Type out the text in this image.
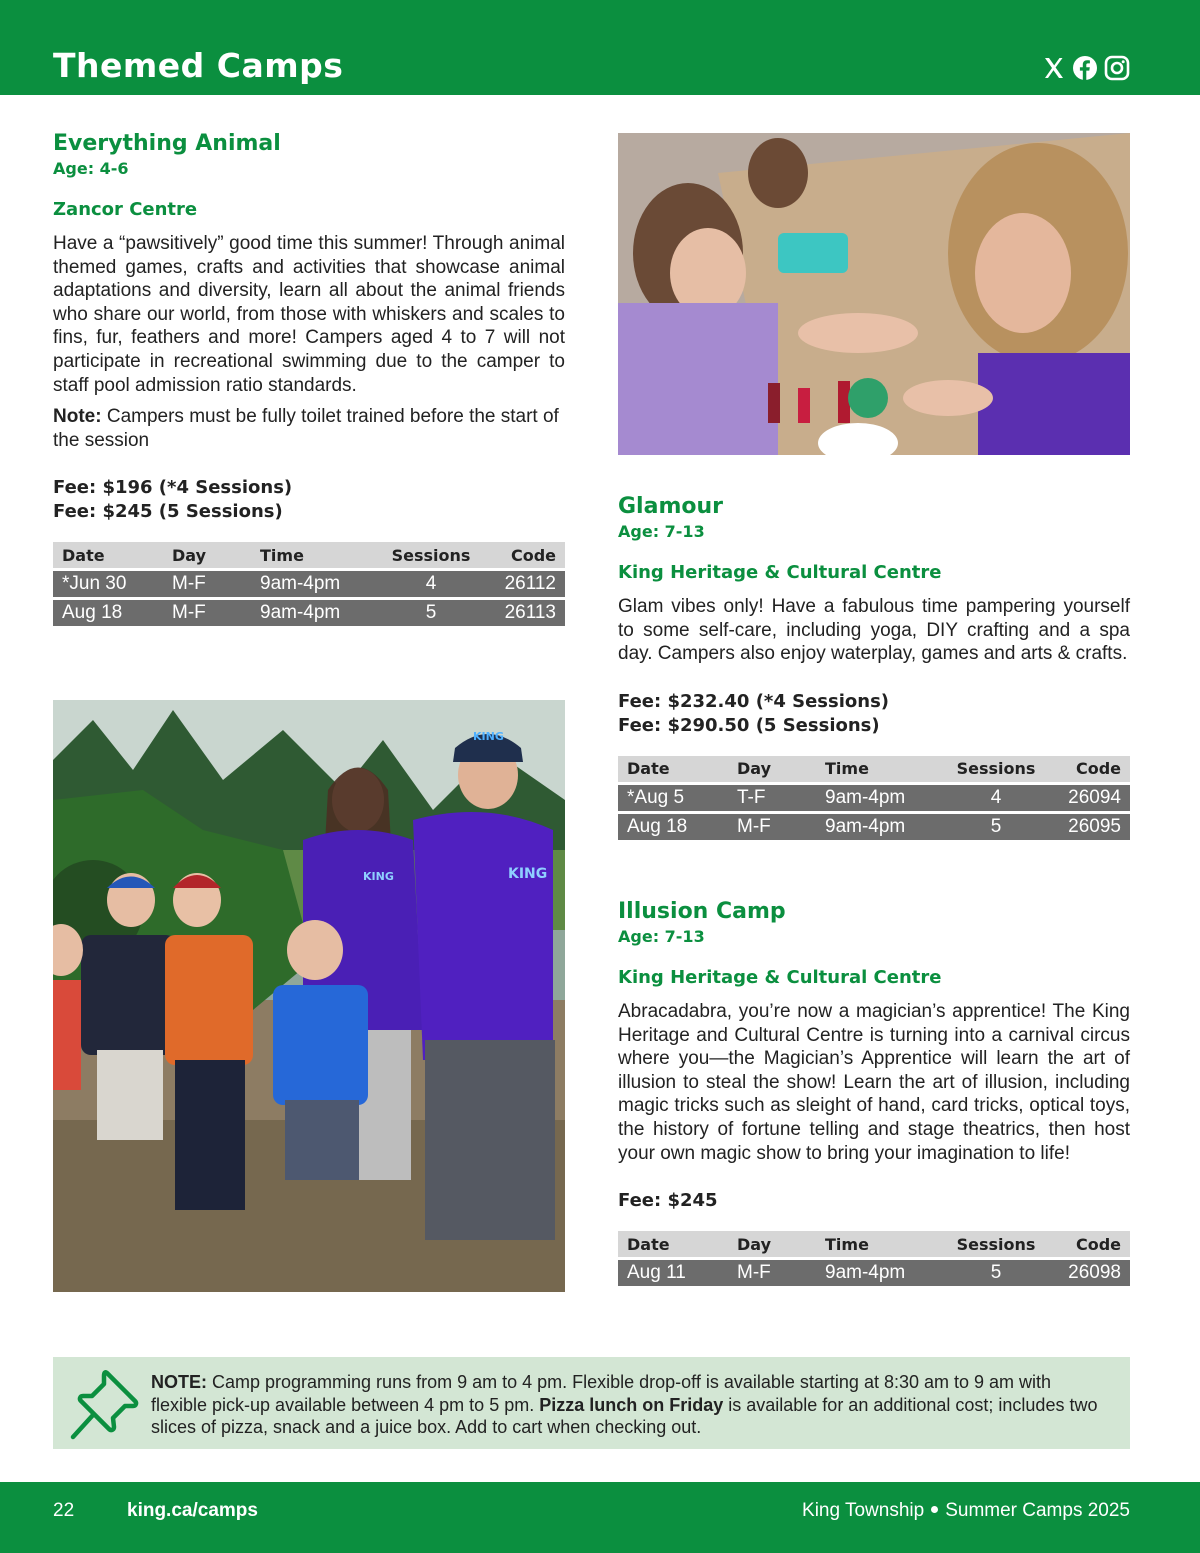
Themed Camps
Everything Animal
Age: 4-6
Zancor Centre
Have a “pawsitively” good time this summer! Through animal themed games, crafts and activities that showcase animal adaptations and diversity, learn all about the animal friends who share our world, from those with whiskers and scales to fins, fur, feathers and more! Campers aged 4 to 7 will not participate in recreational swimming due to the camper to staff pool admission ratio standards.
Note: Campers must be fully toilet trained before the start of the session
Fee: $196 (*4 Sessions)
Fee: $245 (5 Sessions)
Date	Day	Time	Sessions	Code
*Jun 30	M-F	9am-4pm	4	26112
Aug 18	M-F	9am-4pm	5	26113
KING	KING
KING
Glamour
Age: 7-13
King Heritage & Cultural Centre
Glam vibes only! Have a fabulous time pampering yourself to some self-care, including yoga, DIY crafting and a spa day. Campers also enjoy waterplay, games and arts & crafts.
Fee: $232.40 (*4 Sessions)
Fee: $290.50 (5 Sessions)
Date	Day	Time	Sessions	Code
*Aug 5	T-F	9am-4pm	4	26094
Aug 18	M-F	9am-4pm	5	26095
Illusion Camp
Age: 7-13
King Heritage & Cultural Centre
Abracadabra, you’re now a magician’s apprentice! The King Heritage and Cultural Centre is turning into a carnival circus where you—the Magician’s Apprentice will learn the art of illusion to steal the show! Learn the art of illusion, including magic tricks such as sleight of hand, card tricks, optical toys, the history of fortune telling and stage theatrics, then host your own magic show to bring your imagination to life!
Fee: $245
Date	Day	Time	Sessions	Code
Aug 11	M-F	9am-4pm	5	26098
NOTE: Camp programming runs from 9 am to 4 pm. Flexible drop-off is available starting at 8:30 am to 9 am with flexible pick-up available between 4 pm to 5 pm. Pizza lunch on Friday is available for an additional cost; includes two slices of pizza, snack and a juice box. Add to cart when checking out.
22	king.ca/camps	King Township Summer Camps 2025
